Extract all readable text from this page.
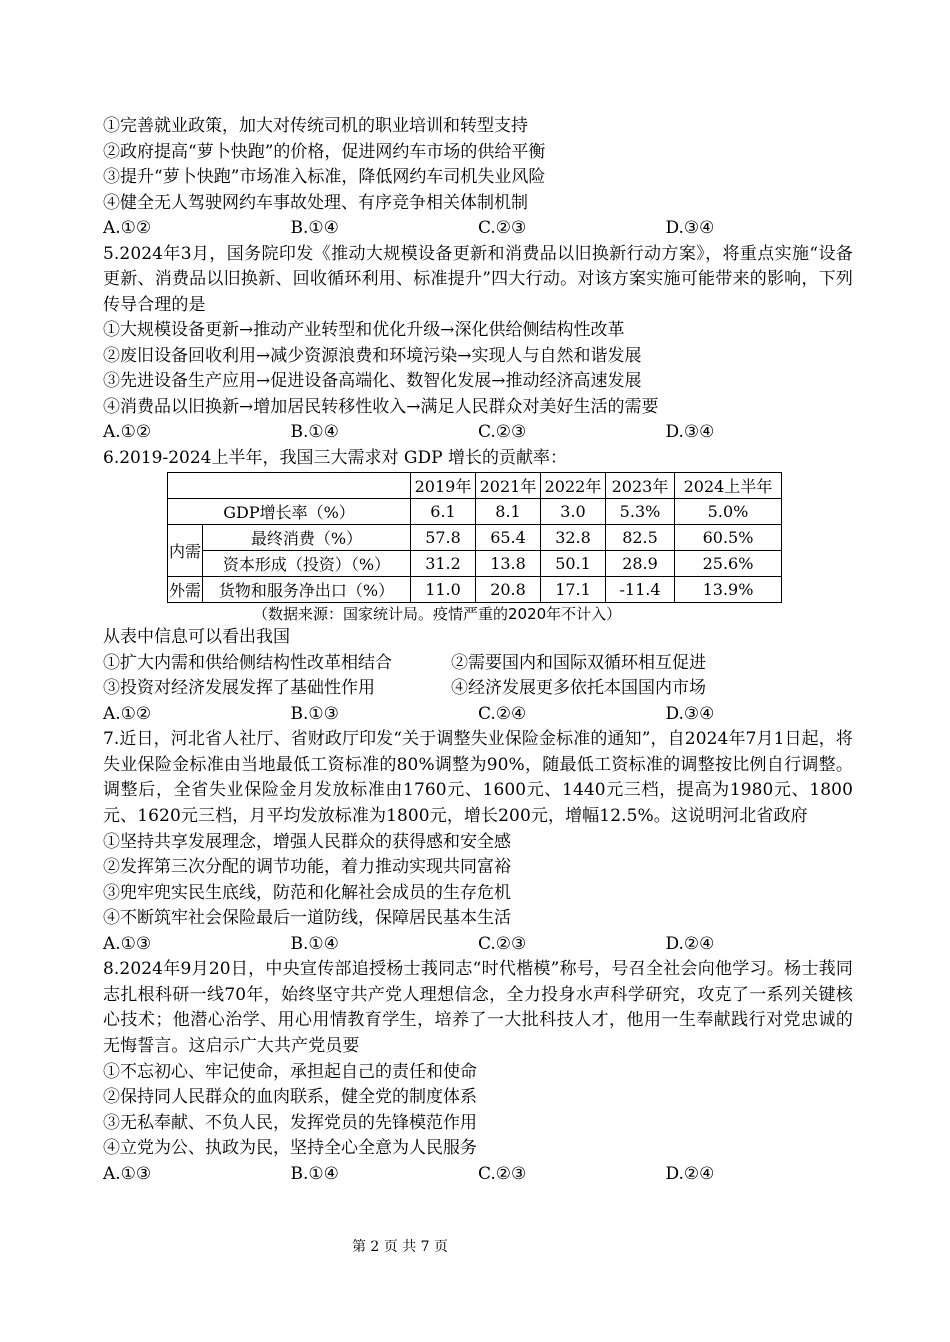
①完善就业政策，加大对传统司机的职业培训和转型支持
②政府提高“萝卜快跑”的价格，促进网约车市场的供给平衡
③提升“萝卜快跑”市场准入标准，降低网约车司机失业风险
④健全无人驾驶网约车事故处理、有序竞争相关体制机制
A.①②	B.①④	C.②③	D.③④
5.2024年3月，国务院印发《推动大规模设备更新和消费品以旧换新行动方案》，将重点实施“设备更新、消费品以旧换新、回收循环利用、标准提升”四大行动。对该方案实施可能带来的影响，下列传导合理的是
①大规模设备更新→推动产业转型和优化升级→深化供给侧结构性改革
②废旧设备回收利用→减少资源浪费和环境污染→实现人与自然和谐发展
③先进设备生产应用→促进设备高端化、数智化发展→推动经济高速发展
④消费品以旧换新→增加居民转移性收入→满足人民群众对美好生活的需要
A.①②	B.①④	C.②③	D.③④
6.2019-2024上半年，我国三大需求对 GDP 增长的贡献率：
		2019年	2021年	2022年	2023年	2024上半年
GDP增长率（%）		6.1	8.1	3.0	5.3%	5.0%
内需	最终消费（%）	57.8	65.4	32.8	82.5	60.5%
	资本形成（投资）（%）	31.2	13.8	50.1	28.9	25.6%
外需	货物和服务净出口（%）	11.0	20.8	17.1	-11.4	13.9%
（数据来源：国家统计局。疫情严重的2020年不计入）
从表中信息可以看出我国
①扩大内需和供给侧结构性改革相结合	②需要国内和国际双循环相互促进
③投资对经济发展发挥了基础性作用	④经济发展更多依托本国国内市场
A.①②	B.①③	C.②④	D.③④
7.近日，河北省人社厅、省财政厅印发“关于调整失业保险金标准的通知”，自2024年7月1日起，将失业保险金标准由当地最低工资标准的80%调整为90%，随最低工资标准的调整按比例自行调整。调整后，全省失业保险金月发放标准由1760元、1600元、1440元三档，提高为1980元、1800元、1620元三档，月平均发放标准为1800元，增长200元，增幅12.5%。这说明河北省政府
①坚持共享发展理念，增强人民群众的获得感和安全感
②发挥第三次分配的调节功能，着力推动实现共同富裕
③兜牢兜实民生底线，防范和化解社会成员的生存危机
④不断筑牢社会保险最后一道防线，保障居民基本生活
A.①③	B.①④	C.②③	D.②④
8.2024年9月20日，中央宣传部追授杨士莪同志“时代楷模”称号，号召全社会向他学习。杨士莪同志扎根科研一线70年，始终坚守共产党人理想信念，全力投身水声科学研究，攻克了一系列关键核心技术；他潜心治学、用心用情教育学生，培养了一大批科技人才，他用一生奉献践行对党忠诚的无悔誓言。这启示广大共产党员要
①不忘初心、牢记使命，承担起自己的责任和使命
②保持同人民群众的血肉联系，健全党的制度体系
③无私奉献、不负人民，发挥党员的先锋模范作用
④立党为公、执政为民，坚持全心全意为人民服务
A.①③	B.①④	C.②③	D.②④
第 2 页 共 7 页
